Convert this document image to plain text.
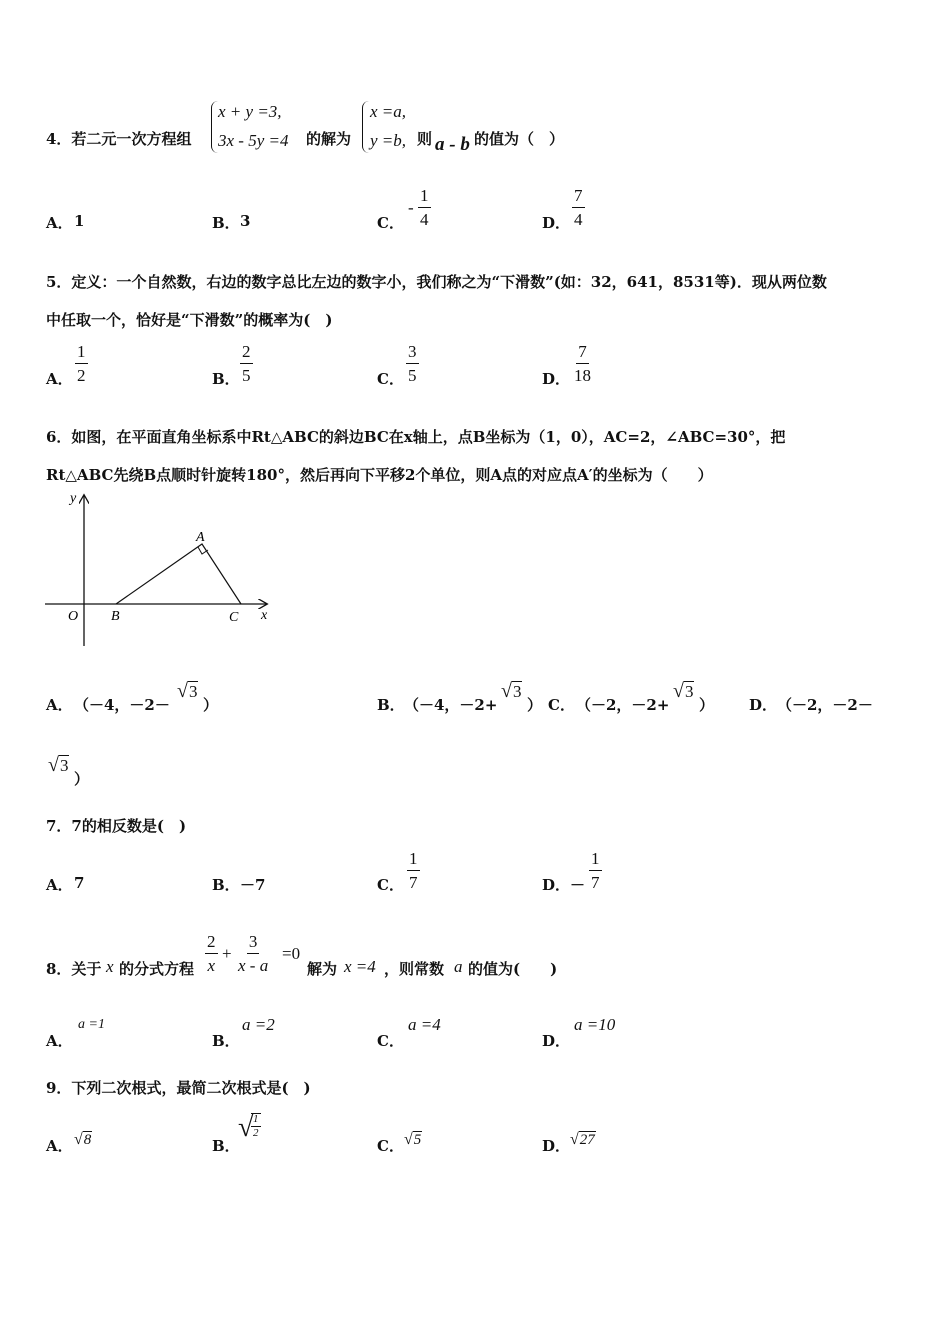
4．若二元一次方程组
x + y =3,
3x - 5y =4 的解为
x =a,
y =b, 则 a - b 的值为（　）
A． 1	B． 3	C．
- $\frac{1}{4}$	D． $\frac{7}{4}$
5．定义：一个自然数，右边的数字总比左边的数字小，我们称之为“下滑数”(如：32，641，8531等)．现从两位数
中任取一个，恰好是“下滑数”的概率为(　)
A． $\frac{1}{2}$	B． $\frac{2}{5}$	C． $\frac{3}{5}$	D． $\frac{7}{18}$
6．如图，在平面直角坐标系中Rt△ABC的斜边BC在x轴上，点B坐标为（1，0），AC=2，∠ABC=30°，把
Rt△ABC先绕B点顺时针旋转180°，然后再向下平移2个单位，则A点的对应点A′的坐标为（　　）
y
x
O
A
B	C
A． （－4，－2－
√3
）	B． （－4，－2+
√3
） C． （－2，－2+
√3
） D． （－2，－2－
√3
）
7．7的相反数是(　)
A． 7	B． －7	C． $\frac{1}{7}$	D． － $\frac{1}{7}$
8．关于 x 的分式方程 $\frac{2}{x} + \frac{3}{x - a} =0$
解为 x =4 ，则常数 a 的值为(　　)
A．
a =1
B．
a =2
C．
a =4
D．
a =10
9．下列二次根式，最简二次根式是(　)
A． √8	B．
√
$\frac{1}{2}$
C． √5	D． √27
